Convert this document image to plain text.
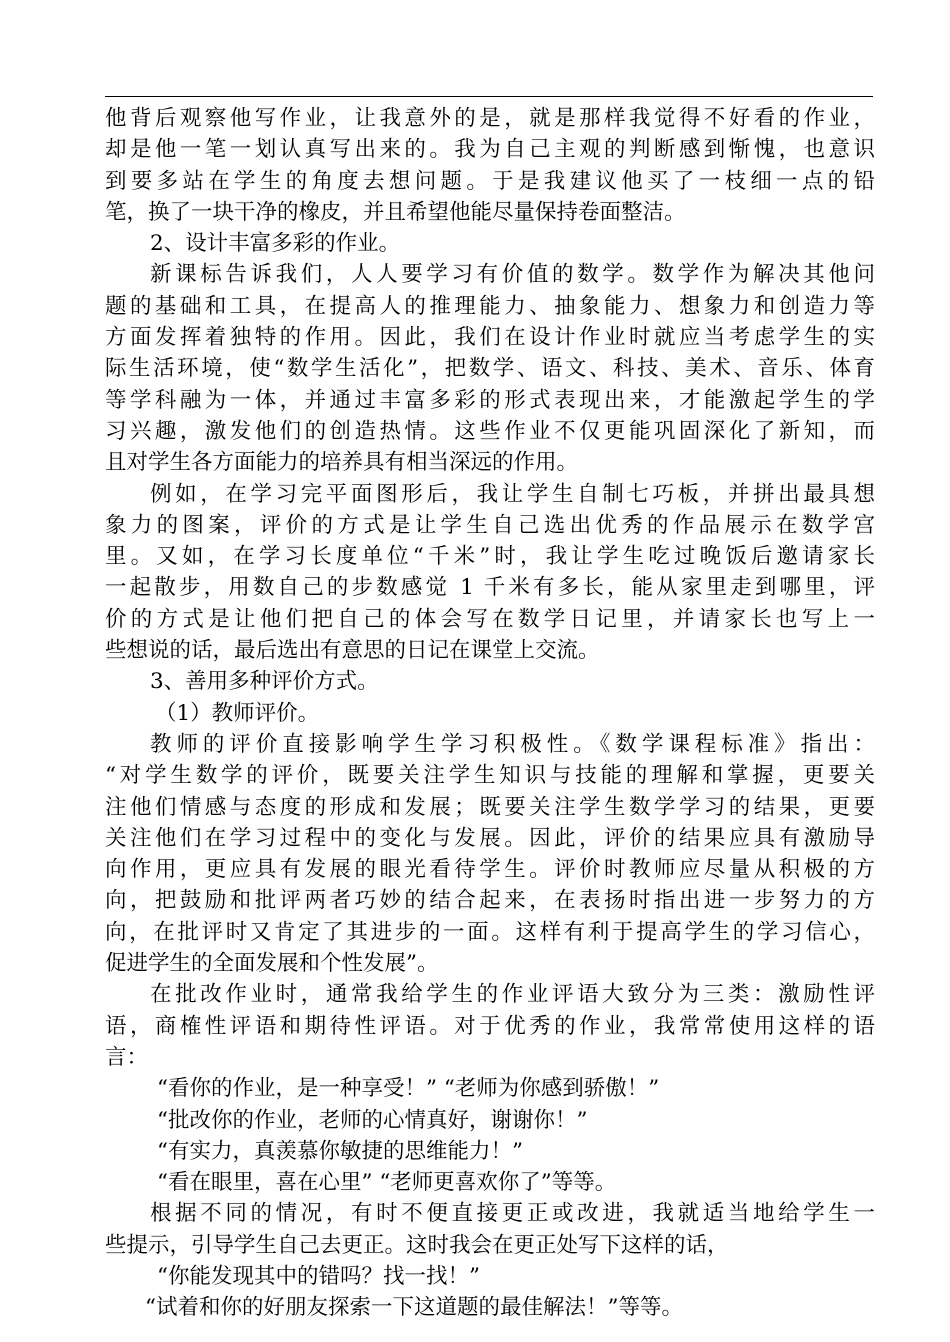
他背后观察他写作业，让我意外的是，就是那样我觉得不好看的作业，
却是他一笔一划认真写出来的。我为自己主观的判断感到惭愧，也意识
到要多站在学生的角度去想问题。于是我建议他买了一枝细一点的铅
笔，换了一块干净的橡皮，并且希望他能尽量保持卷面整洁。
2、设计丰富多彩的作业。
新课标告诉我们，人人要学习有价值的数学。数学作为解决其他问
题的基础和工具，在提高人的推理能力、抽象能力、想象力和创造力等
方面发挥着独特的作用。因此，我们在设计作业时就应当考虑学生的实
际生活环境，使“数学生活化”，把数学、语文、科技、美术、音乐、体育
等学科融为一体，并通过丰富多彩的形式表现出来，才能激起学生的学
习兴趣，激发他们的创造热情。这些作业不仅更能巩固深化了新知，而
且对学生各方面能力的培养具有相当深远的作用。
例如，在学习完平面图形后，我让学生自制七巧板，并拼出最具想
象力的图案，评价的方式是让学生自己选出优秀的作品展示在数学宫
里。又如，在学习长度单位“千米”时，我让学生吃过晚饭后邀请家长
一起散步，用数自己的步数感觉 1 千米有多长，能从家里走到哪里，评
价的方式是让他们把自己的体会写在数学日记里，并请家长也写上一
些想说的话，最后选出有意思的日记在课堂上交流。
3、善用多种评价方式。
（1）教师评价。
教师的评价直接影响学生学习积极性。《数学课程标准》指出：
“对学生数学的评价，既要关注学生知识与技能的理解和掌握，更要关
注他们情感与态度的形成和发展；既要关注学生数学学习的结果，更要
关注他们在学习过程中的变化与发展。因此，评价的结果应具有激励导
向作用，更应具有发展的眼光看待学生。评价时教师应尽量从积极的方
向，把鼓励和批评两者巧妙的结合起来，在表扬时指出进一步努力的方
向，在批评时又肯定了其进步的一面。这样有利于提高学生的学习信心，
促进学生的全面发展和个性发展”。
在批改作业时，通常我给学生的作业评语大致分为三类：激励性评
语，商榷性评语和期待性评语。对于优秀的作业，我常常使用这样的语
言：
“看你的作业，是一种享受！” “老师为你感到骄傲！”
“批改你的作业，老师的心情真好，谢谢你！”
“有实力，真羡慕你敏捷的思维能力！”
“看在眼里，喜在心里” “老师更喜欢你了”等等。
根据不同的情况，有时不便直接更正或改进，我就适当地给学生一
些提示，引导学生自己去更正。这时我会在更正处写下这样的话，
“你能发现其中的错吗？找一找！”
“试着和你的好朋友探索一下这道题的最佳解法！”等等。
